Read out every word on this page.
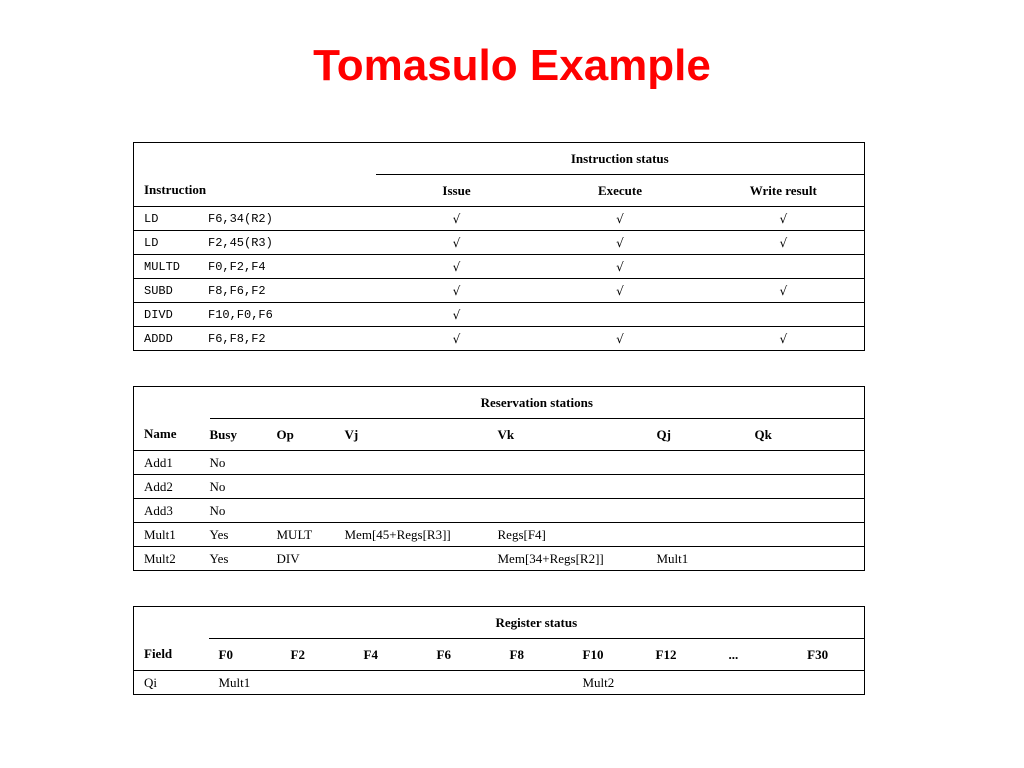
Tomasulo Example
	Instruction status		
Instruction	Issue	Execute	Write result
LD F6,34(R2)	√	√	√
LD F2,45(R3)	√	√	√
MULTD F0,F2,F4	√	√	
SUBD F8,F6,F2	√	√	√
DIVD F10,F0,F6	√		
ADDD F6,F8,F2	√	√	√
	Reservation stations					
Name	Busy	Op	Vj	Vk	Qj	Qk
Add1	No					
Add2	No					
Add3	No					
Mult1	Yes	MULT	Mem[45+Regs[R3]]	Regs[F4]		
Mult2	Yes	DIV		Mem[34+Regs[R2]]	Mult1	
	Register status								
Field	F0	F2	F4	F6	F8	F10	F12	...	F30
Qi	Mult1					Mult2			
